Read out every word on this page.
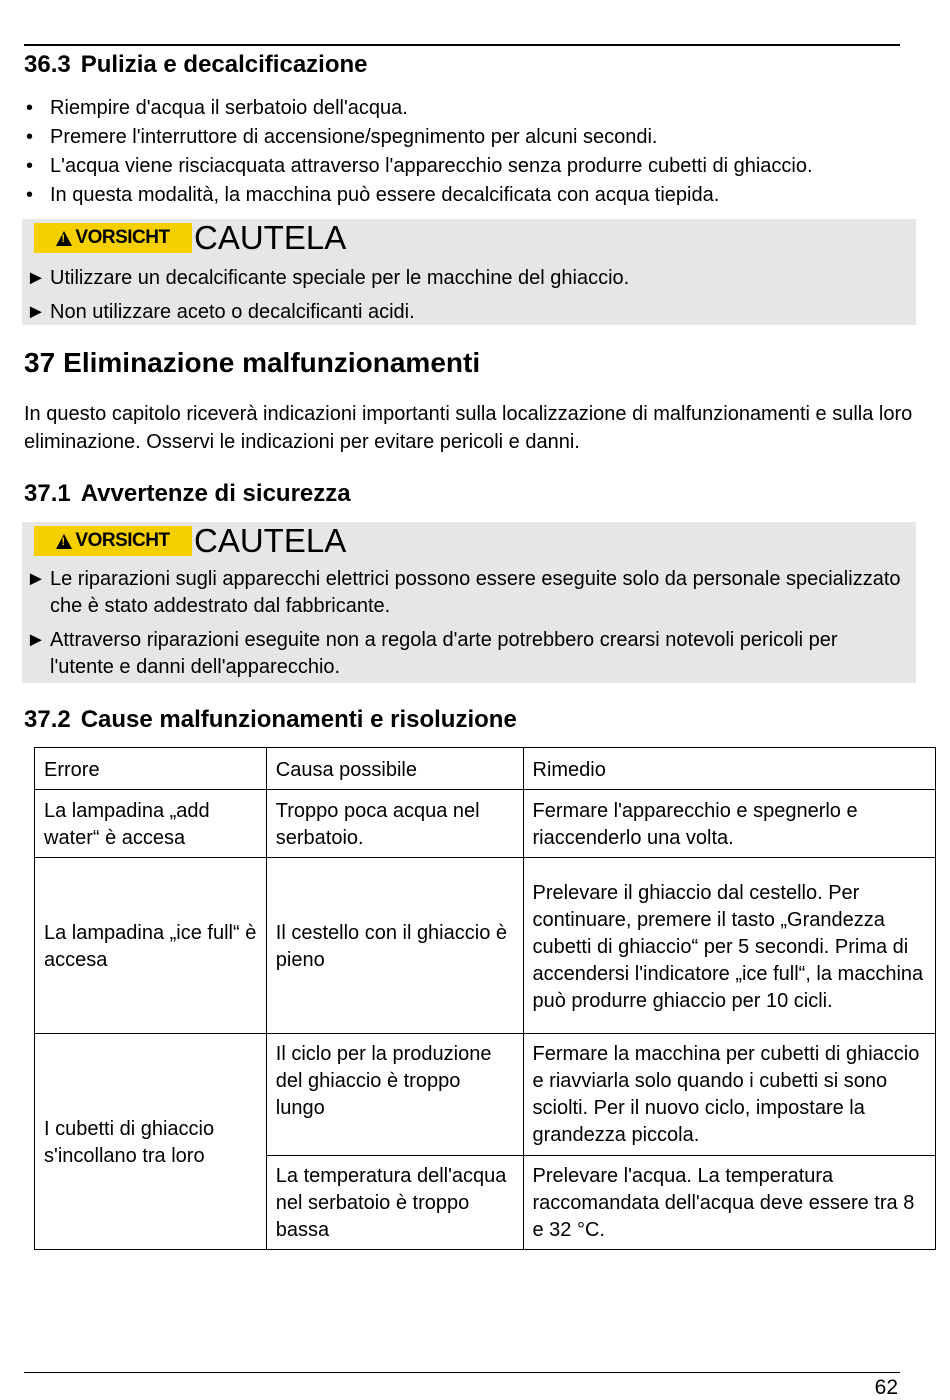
36.3 Pulizia e decalcificazione
• Riempire d'acqua il serbatoio dell'acqua.
• Premere l'interruttore di accensione/spegnimento per alcuni secondi.
• L'acqua viene risciacquata attraverso l'apparecchio senza produrre cubetti di ghiaccio.
• In questa modalità, la macchina può essere decalcificata con acqua tiepida.
!
VORSICHT CAUTELA
► Utilizzare un decalcificante speciale per le macchine del ghiaccio.
► Non utilizzare aceto o decalcificanti acidi.
37 Eliminazione malfunzionamenti

In questo capitolo riceverà indicazioni importanti sulla localizzazione di malfunzionamenti e sulla loro eliminazione. Osservi le indicazioni per evitare pericoli e danni.

37.1 Avvertenze di sicurezza
!
VORSICHT CAUTELA
► Le riparazioni sugli apparecchi elettrici possono essere eseguite solo da personale specializzato che è stato addestrato dal fabbricante.
► Attraverso riparazioni eseguite non a regola d'arte potrebbero crearsi notevoli pericoli per l'utente e danni dell'apparecchio.
37.2 Cause malfunzionamenti e risoluzione
Errore	Causa possibile	Rimedio
La lampadina „add water“ è accesa	Troppo poca acqua nel serbatoio.	Fermare l'apparecchio e spegnerlo e riaccenderlo una volta.
La lampadina „ice full“ è accesa	Il cestello con il ghiaccio è pieno	Prelevare il ghiaccio dal cestello. Per continuare, premere il tasto „Grandezza cubetti di ghiaccio“ per 5 secondi. Prima di accendersi l'indicatore „ice full“, la macchina può produrre ghiaccio per 10 cicli.
I cubetti di ghiaccio s'incollano tra loro	Il ciclo per la produzione del ghiaccio è troppo lungo	Fermare la macchina per cubetti di ghiaccio e riavviarla solo quando i cubetti si sono sciolti. Per il nuovo ciclo, impostare la grandezza piccola.
	La temperatura dell'acqua nel serbatoio è troppo bassa	Prelevare l'acqua. La temperatura raccomandata dell'acqua deve essere tra 8 e 32 °C.
62
